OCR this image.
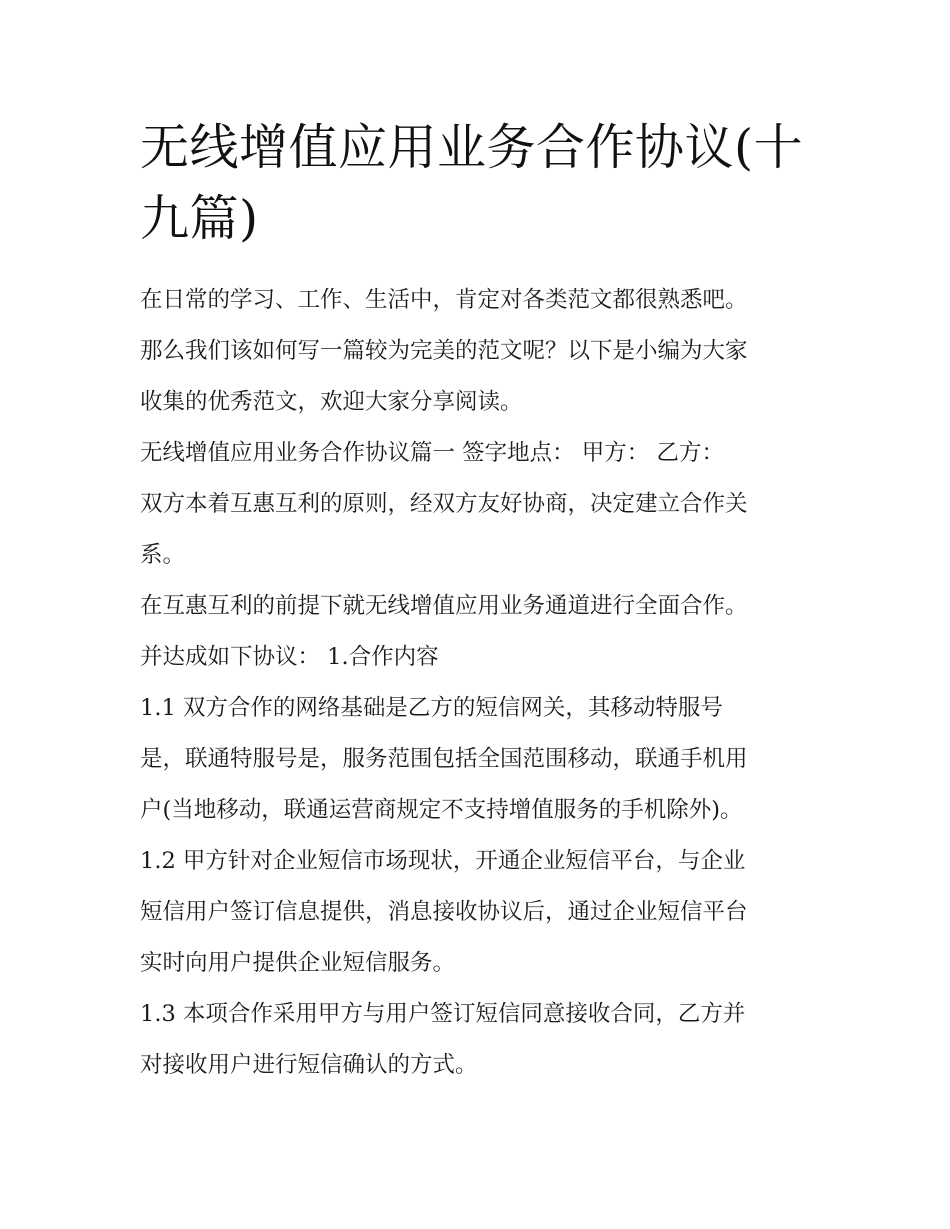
无线增值应用业务合作协议(十
九篇)
在日常的学习、工作、生活中，肯定对各类范文都很熟悉吧。
那么我们该如何写一篇较为完美的范文呢？以下是小编为大家
收集的优秀范文，欢迎大家分享阅读。
无线增值应用业务合作协议篇一 签字地点： 甲方： 乙方：
双方本着互惠互利的原则，经双方友好协商，决定建立合作关
系。
在互惠互利的前提下就无线增值应用业务通道进行全面合作。
并达成如下协议： 1.合作内容
1.1 双方合作的网络基础是乙方的短信网关，其移动特服号
是，联通特服号是，服务范围包括全国范围移动，联通手机用
户(当地移动，联通运营商规定不支持增值服务的手机除外)。
1.2 甲方针对企业短信市场现状，开通企业短信平台，与企业
短信用户签订信息提供，消息接收协议后，通过企业短信平台
实时向用户提供企业短信服务。
1.3 本项合作采用甲方与用户签订短信同意接收合同，乙方并
对接收用户进行短信确认的方式。
